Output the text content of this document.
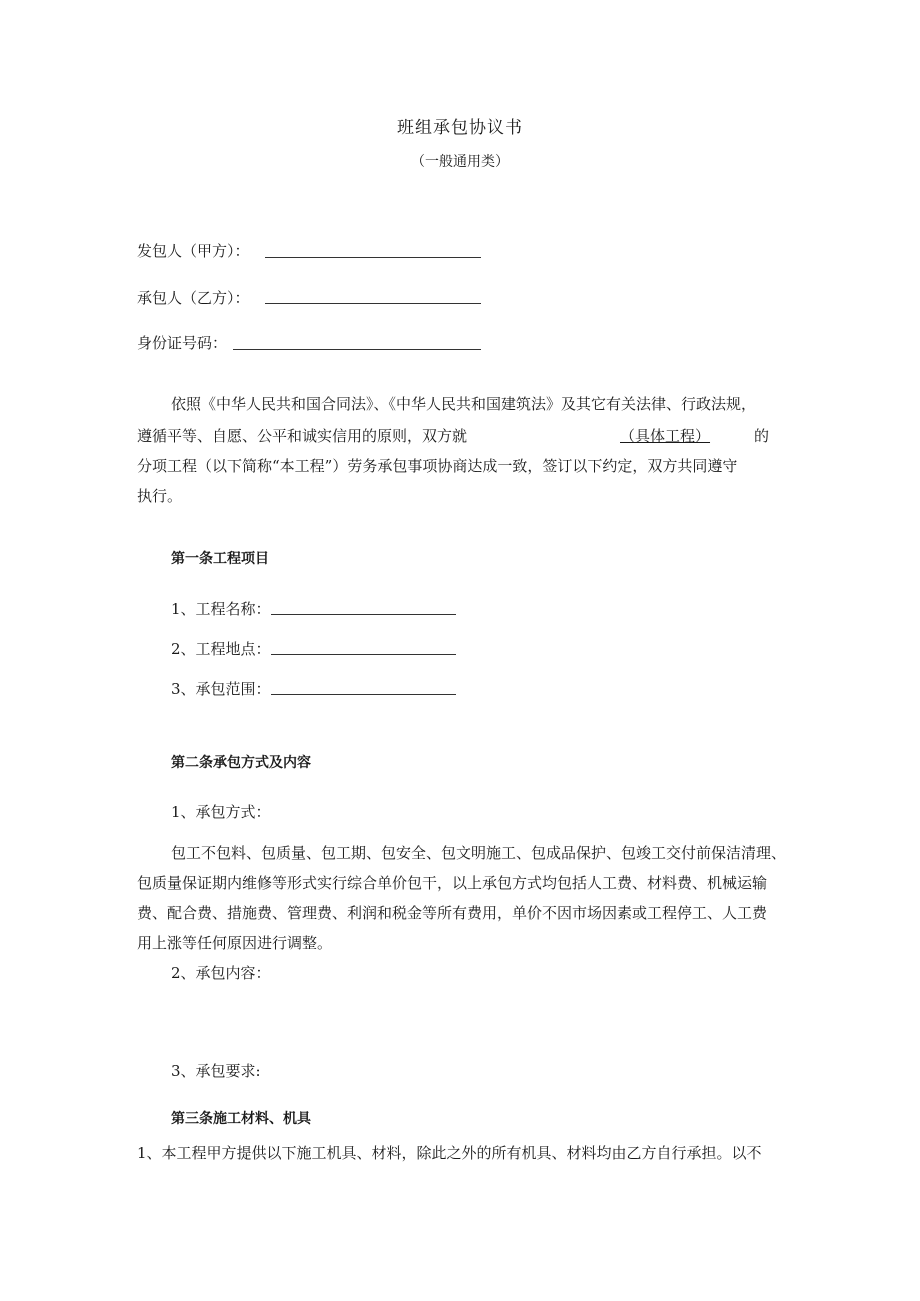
班组承包协议书
（一般通用类）
发包人（甲方）：
承包人（乙方）：
身份证号码：
依照《中华人民共和国合同法》、《中华人民共和国建筑法》及其它有关法律、行政法规，
遵循平等、自愿、公平和诚实信用的原则，双方就	（具体工程）	的
分项工程（以下简称“本工程”）劳务承包事项协商达成一致，签订以下约定，双方共同遵守
执行。
第一条工程项目
1、工程名称：
2、工程地点：
3、承包范围：
第二条承包方式及内容
1、承包方式：
包工不包料、包质量、包工期、包安全、包文明施工、包成品保护、包竣工交付前保洁清理、
包质量保证期内维修等形式实行综合单价包干，以上承包方式均包括人工费、材料费、机械运输
费、配合费、措施费、管理费、利润和税金等所有费用，单价不因市场因素或工程停工、人工费
用上涨等任何原因进行调整。
2、承包内容：
3、承包要求:
第三条施工材料、机具
1、本工程甲方提供以下施工机具、材料，除此之外的所有机具、材料均由乙方自行承担。以不
